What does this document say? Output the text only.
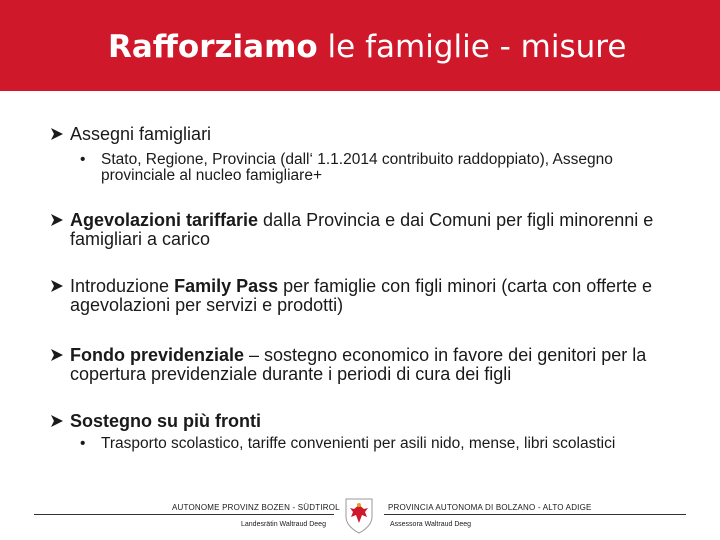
Rafforziamo le famiglie - misure
Assegni famigliari
• Stato, Regione, Provincia (dall‘ 1.1.2014 contribuito raddoppiato), Assegno provinciale al nucleo famigliare+
Agevolazioni tariffarie dalla Provincia e dai Comuni per figli minorenni e famigliari a carico
Introduzione Family Pass per famiglie con figli minori (carta con offerte e agevolazioni per servizi e prodotti)
Fondo previdenziale – sostegno economico in favore dei genitori per la copertura previdenziale durante i periodi di cura dei figli
Sostegno su più fronti
• Trasporto scolastico, tariffe convenienti per asili nido, mense, libri scolastici
AUTONOME PROVINZ BOZEN - SÜDTIROL
Landesrätin Waltraud Deeg
PROVINCIA AUTONOMA DI BOLZANO - ALTO ADIGE
Assessora Waltraud Deeg
